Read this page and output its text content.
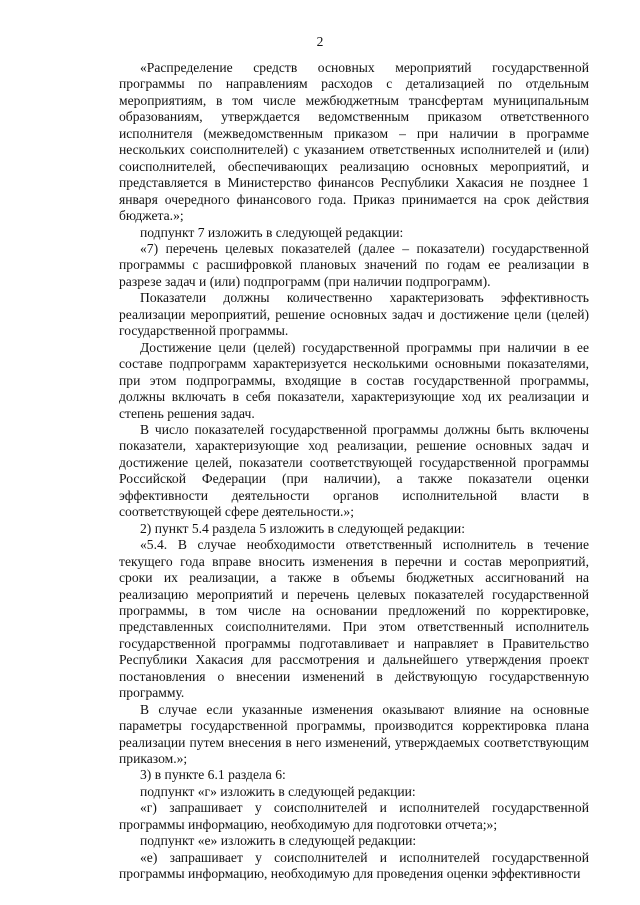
2

«Распределение средств основных мероприятий государственной программы по направлениям расходов с детализацией по отдельным мероприятиям, в том числе межбюджетным трансфертам муниципальным образованиям, утверждается ведомственным приказом ответственного исполнителя (межведомственным приказом – при наличии в программе нескольких соисполнителей) с указанием ответственных исполнителей и (или) соисполнителей, обеспечивающих реализацию основных мероприятий, и представляется в Министерство финансов Республики Хакасия не позднее 1 января очередного финансового года. Приказ принимается на срок действия бюджета.»;

подпункт 7 изложить в следующей редакции:

«7) перечень целевых показателей (далее – показатели) государственной программы с расшифровкой плановых значений по годам ее реализации в разрезе задач и (или) подпрограмм (при наличии подпрограмм).

Показатели должны количественно характеризовать эффективность реализации мероприятий, решение основных задач и достижение цели (целей) государственной программы.

Достижение цели (целей) государственной программы при наличии в ее составе подпрограмм характеризуется несколькими основными показателями, при этом подпрограммы, входящие в состав государственной программы, должны включать в себя показатели, характеризующие ход их реализации и степень решения задач.

В число показателей государственной программы должны быть включены показатели, характеризующие ход реализации, решение основных задач и достижение целей, показатели соответствующей государственной программы Российской Федерации (при наличии), а также показатели оценки эффективности деятельности органов исполнительной власти в соответствующей сфере деятельности.»;

2) пункт 5.4 раздела 5 изложить в следующей редакции:

«5.4. В случае необходимости ответственный исполнитель в течение текущего года вправе вносить изменения в перечни и состав мероприятий, сроки их реализации, а также в объемы бюджетных ассигнований на реализацию мероприятий и перечень целевых показателей государственной программы, в том числе на основании предложений по корректировке, представленных соисполнителями. При этом ответственный исполнитель государственной программы подготавливает и направляет в Правительство Республики Хакасия для рассмотрения и дальнейшего утверждения проект постановления о внесении изменений в действующую государственную программу.

В случае если указанные изменения оказывают влияние на основные параметры государственной программы, производится корректировка плана реализации путем внесения в него изменений, утверждаемых соответствующим приказом.»;

3) в пункте 6.1 раздела 6:

подпункт «г» изложить в следующей редакции:

«г) запрашивает у соисполнителей и исполнителей государственной программы информацию, необходимую для подготовки отчета;»;

подпункт «е» изложить в следующей редакции:

«е) запрашивает у соисполнителей и исполнителей государственной программы информацию, необходимую для проведения оценки эффективности
